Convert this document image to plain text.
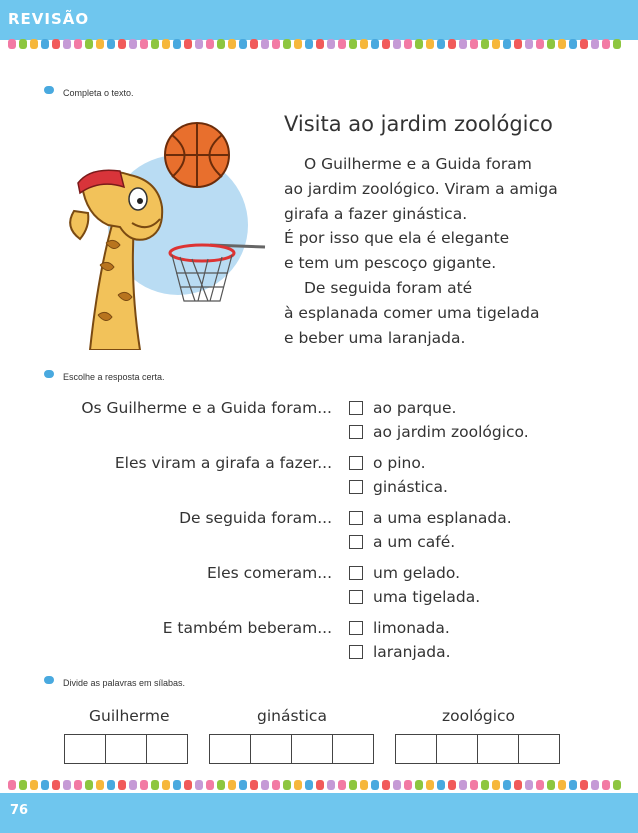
REVISÃO
Completa o texto.
Visita ao jardim zoológico
O Guilherme e a Guida foram
ao jardim zoológico. Viram a amiga
girafa a fazer ginástica.
É por isso que ela é elegante
e tem um pescoço gigante.
De seguida foram até
à esplanada comer uma tigelada
e beber uma laranjada.
Escolhe a resposta certa.
Os Guilherme e a Guida foram...	ao parque.
ao jardim zoológico.
Eles viram a girafa a fazer...	o pino.
ginástica.
De seguida foram...	a uma esplanada.
a um café.
Eles comeram...	um gelado.
uma tigelada.
E também beberam...	limonada.
laranjada.
Divide as palavras em sílabas.
Guilherme	ginástica	zoológico
76
